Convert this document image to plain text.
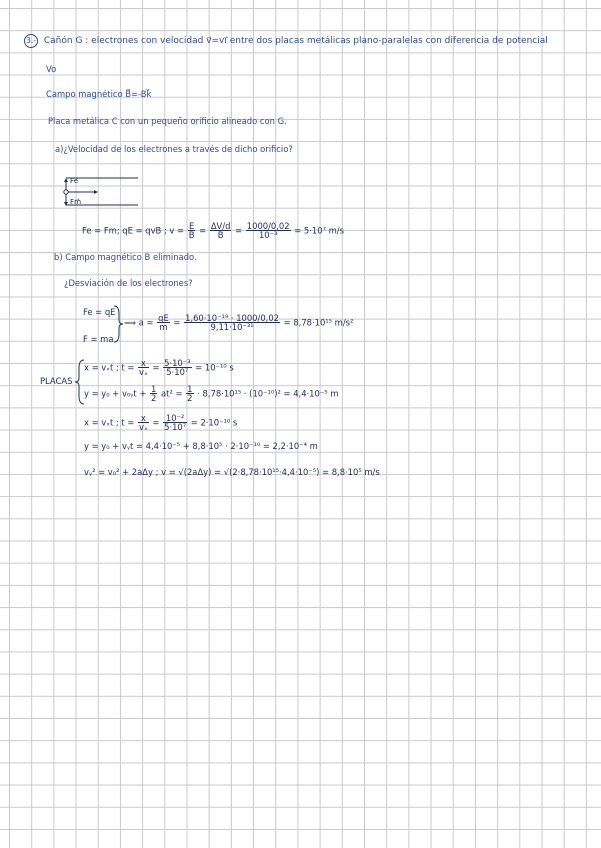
3.- Cañón G : electrones con velocidad v⃗=vi⃗ entre dos placas metálicas plano-paralelas con diferencia de potencial
Vo
Campo magnético B⃗=-Bk⃗
Placa metálica C con un pequeño orificio alineado con G.
a)¿Velocidad de los electrones a través de dicho orificio?
Fe⃗
Fm⃗
Fe = Fm; qE = qvB ; $v = \frac{E}{B} = \frac{\Delta V/d}{B} = \frac{1000/0,02}{\text{10⁻³}} = 5\cdot 10^7$ m/s
b) Campo magnético B eliminado.
¿Desviación de los electrones?
Fe = qE
F = ma
⟹ $a = \frac{qE}{m} = \frac{\text{1,60·10⁻¹⁹ · 1000/0,02}}{\text{9,11·10⁻³¹}} = 8,78\cdot 10^{15}$ m/s²
PLACAS
x = vₓt ; $t = \frac{x}{\text{vₓ}} = \frac{\text{5·10⁻³}}{\text{5·10⁷}} = 10^{-10}$ s
y = y₀ + v₀ᵧt + $\frac{1}{2} at^2 = \frac{1}{2} \cdot 8,78\cdot 10^{15} \cdot (10^{-10})^2 = 4,4\cdot 10^{-5}$ m
x = vₓt ; $t = \frac{x}{\text{vₓ}} = \frac{\text{10⁻²}}{\text{5·10⁷}} = 2\cdot 10^{-10}$ s
y = y₀ + vᵧt = 4,4·10⁻⁵ + 8,8·10⁵ · 2·10⁻¹⁰ = 2,2·10⁻⁴ m
vᵧ² = v₀² + 2aΔy ; v = √(2aΔy) = √(2·8,78·10¹⁵·4,4·10⁻⁵) = 8,8·10⁵ m/s
